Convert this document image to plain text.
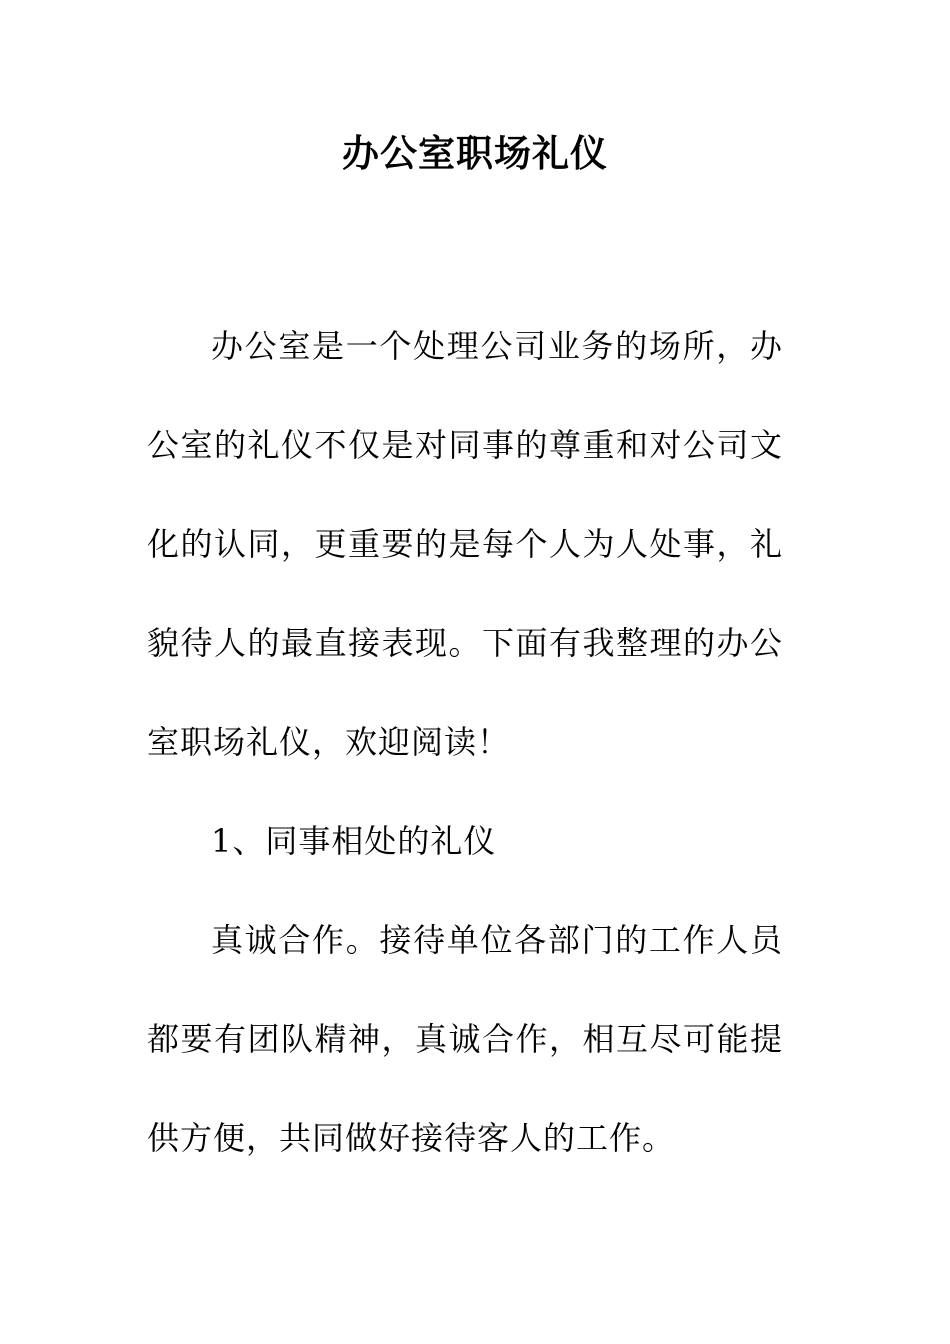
办公室职场礼仪

办公室是一个处理公司业务的场所，办公室的礼仪不仅是对同事的尊重和对公司文化的认同，更重要的是每个人为人处事，礼貌待人的最直接表现。下面有我整理的办公室职场礼仪，欢迎阅读！

1、同事相处的礼仪

真诚合作。接待单位各部门的工作人员都要有团队精神，真诚合作，相互尽可能提供方便，共同做好接待客人的工作。
